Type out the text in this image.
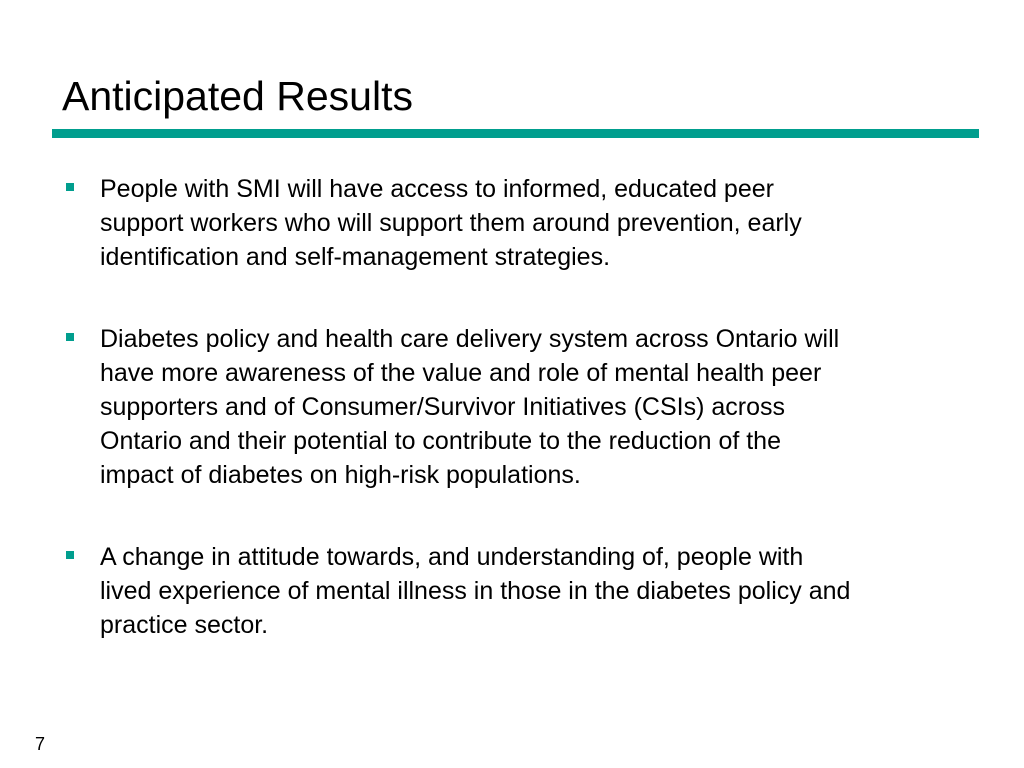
Anticipated Results
People with SMI will have access to informed, educated peer
support workers who will support them around prevention, early
identification and self-management strategies.
Diabetes policy and health care delivery system across Ontario will
have more awareness of the value and role of mental health peer
supporters and of Consumer/Survivor Initiatives (CSIs) across
Ontario and their potential to contribute to the reduction of the
impact of diabetes on high-risk populations.
A change in attitude towards, and understanding of, people with
lived experience of mental illness in those in the diabetes policy and
practice sector.
7
